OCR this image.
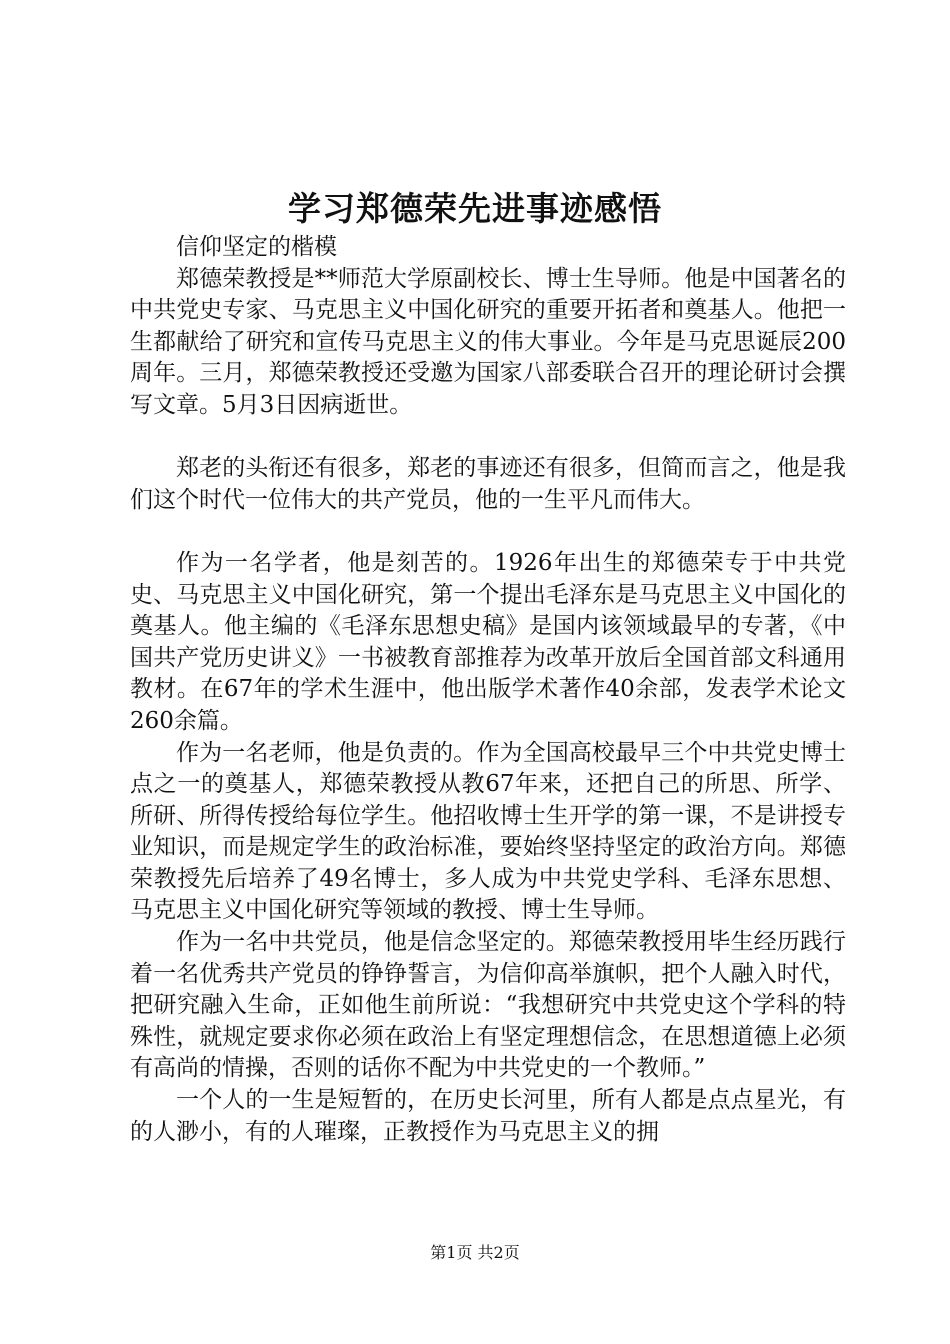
学习郑德荣先进事迹感悟

信仰坚定的楷模

郑德荣教授是**师范大学原副校长、博士生导师。他是中国著名的中共党史专家、马克思主义中国化研究的重要开拓者和奠基人。他把一生都献给了研究和宣传马克思主义的伟大事业。今年是马克思诞辰200周年。三月，郑德荣教授还受邀为国家八部委联合召开的理论研讨会撰写文章。5月3日因病逝世。

郑老的头衔还有很多，郑老的事迹还有很多，但简而言之，他是我们这个时代一位伟大的共产党员，他的一生平凡而伟大。

作为一名学者，他是刻苦的。1926年出生的郑德荣专于中共党史、马克思主义中国化研究，第一个提出毛泽东是马克思主义中国化的奠基人。他主编的《毛泽东思想史稿》是国内该领域最早的专著，《中国共产党历史讲义》一书被教育部推荐为改革开放后全国首部文科通用教材。在67年的学术生涯中，他出版学术著作40余部，发表学术论文260余篇。

作为一名老师，他是负责的。作为全国高校最早三个中共党史博士点之一的奠基人，郑德荣教授从教67年来，还把自己的所思、所学、所研、所得传授给每位学生。他招收博士生开学的第一课，不是讲授专业知识，而是规定学生的政治标准，要始终坚持坚定的政治方向。郑德荣教授先后培养了49名博士，多人成为中共党史学科、毛泽东思想、马克思主义中国化研究等领域的教授、博士生导师。

作为一名中共党员，他是信念坚定的。郑德荣教授用毕生经历践行着一名优秀共产党员的铮铮誓言，为信仰高举旗帜，把个人融入时代，把研究融入生命，正如他生前所说：“我想研究中共党史这个学科的特殊性，就规定要求你必须在政治上有坚定理想信念，在思想道德上必须有高尚的情操，否则的话你不配为中共党史的一个教师。”

一个人的一生是短暂的，在历史长河里，所有人都是点点星光，有的人渺小，有的人璀璨，正教授作为马克思主义的拥

第1页 共2页
